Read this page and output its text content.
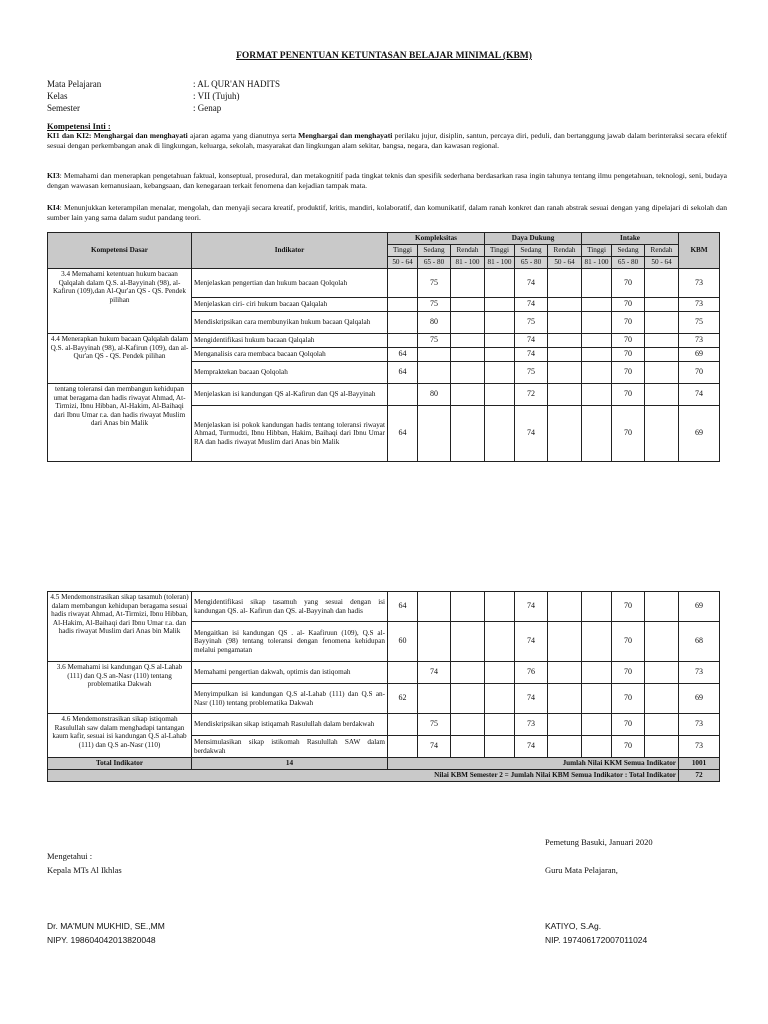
FORMAT PENENTUAN KETUNTASAN BELAJAR MINIMAL (KBM)
Mata Pelajaran	: AL QUR'AN HADITS
Kelas	: VII (Tujuh)
Semester	: Genap
Kompetensi Inti :
KI1 dan KI2: Menghargai dan menghayati ajaran agama yang dianutnya serta Menghargai dan menghayati perilaku jujur, disiplin, santun, percaya diri, peduli, dan bertanggung jawab dalam berinteraksi secara efektif sesuai dengan perkembangan anak di lingkungan, keluarga, sekolah, masyarakat dan lingkungan alam sekitar, bangsa, negara, dan kawasan regional.
KI3: Memahami dan menerapkan pengetahuan faktual, konseptual, prosedural, dan metakognitif pada tingkat teknis dan spesifik sederhana berdasarkan rasa ingin tahunya tentang ilmu pengetahuan, teknologi, seni, budaya dengan wawasan kemanusiaan, kebangsaan, dan kenegaraan terkait fenomena dan kejadian tampak mata.
KI4: Menunjukkan keterampilan menalar, mengolah, dan menyaji secara kreatif, produktif, kritis, mandiri, kolaboratif, dan komunikatif, dalam ranah konkret dan ranah abstrak sesuai dengan yang dipelajari di sekolah dan sumber lain yang sama dalam sudut pandang teori.
Kompetensi Dasar	Indikator	Kompleksitas			Daya Dukung			Intake			KBM
		Tinggi	Sedang	Rendah	Tinggi	Sedang	Rendah	Tinggi	Sedang	Rendah	
		50 - 64	65 - 80	81 - 100	81 - 100	65 - 80	50 - 64	81 - 100	65 - 80	50 - 64	
3.4 Memahami ketentuan hukum bacaan Qalqalah dalam Q.S. al-Bayyinah (98), al- Kafirun (109),dan Al-Qur'an QS - QS. Pendek pilihan	Menjelaskan pengertian dan hukum bacaan Qolqolah		75			74			70		73
	Menjelaskan ciri- ciri hukum bacaan Qalqalah		75			74			70		73
	Mendiskripsikan cara membunyikan hukum bacaan Qalqalah		80			75			70		75
4.4 Menerapkan hukum bacaan Qalqalah dalam Q.S. al-Bayyinah (98), al-Kafirun (109), dan al-Qur'an QS - QS. Pendek pilihan	Mengidentifikasi hukum bacaan Qalqalah		75			74			70		73
	Menganalisis cara membaca bacaan Qolqolah	64				74			70		69
	Mempraktekan bacaan Qolqolah	64				75			70		70
tentang toleransi dan membangun kehidupan umat beragama dan hadis riwayat Ahmad, At-Tirmizi, Ibnu Hibban, Al-Hakim, Al-Baihaqi dari Ibnu Umar r.a. dan hadis riwayat Muslim dari Anas bin Malik	Menjelaskan isi kandungan QS al-Kafirun dan QS al-Bayyinah		80			72			70		74
	Menjelaskan isi pokok kandungan hadis tentang toleransi riwayat Ahmad, Turmudzi, Ibnu Hibban, Hakim, Baihaqi dari Ibnu Umar RA dan hadis riwayat Muslim dari Anas bin Malik	64				74			70		69
4.5 Mendemonstrasikan sikap tasamuh (toleran) dalam membangun kehidupan beragama sesuai hadis riwayat Ahmad, At-Tirmizi, Ibnu Hibban, Al-Hakim, Al-Baihaqi dari Ibnu Umar r.a. dan hadis riwayat Muslim dari Anas bin Malik	Mengidentifikasi sikap tasamuh yang sesuai dengan isi kandungan QS. al- Kafirun dan QS. al-Bayyinah dan hadis	64				74			70		69
	Mengaitkan isi kandungan QS . al- Kaafiruun (109), Q.S al-Bayyinah (98) tentang toleransi dengan fenomena kehidupan melalui pengamatan	60				74			70		68
3.6 Memahami isi kandungan Q.S al-Lahab (111) dan Q.S an-Nasr (110) tentang problematika Dakwah	Memahami pengertian dakwah, optimis dan istiqomah		74			76			70		73
	Menyimpulkan isi kandungan Q.S al-Lahab (111) dan Q.S an-Nasr (110) tentang problematika Dakwah	62				74			70		69
4.6 Mendemonstrasikan sikap istiqomah Rasulullah saw dalam menghadapi tantangan kaum kafir, sesuai isi kandungan Q.S al-Lahab (111) dan Q.S an-Nasr (110)	Mendiskripsikan sikap istiqamah Rasulullah dalam berdakwah		75			73			70		73
	Mensimulasikan sikap istikomah Rasulullah SAW dalam berdakwah		74			74			70		73
Total Indikator	14	Jumlah Nilai KKM Semua Indikator									1001
Nilai KBM Semester 2 = Jumlah Nilai KBM Semua Indikator : Total Indikator											72
Pemetung Basuki, Januari 2020
Mengetahui :
Kepala MTs Al Ikhlas	Guru Mata Pelajaran,
Dr. MA'MUN MUKHID, SE.,MM
NIPY. 198604042013820048
KATIYO, S.Ag.
NIP. 197406172007011024
